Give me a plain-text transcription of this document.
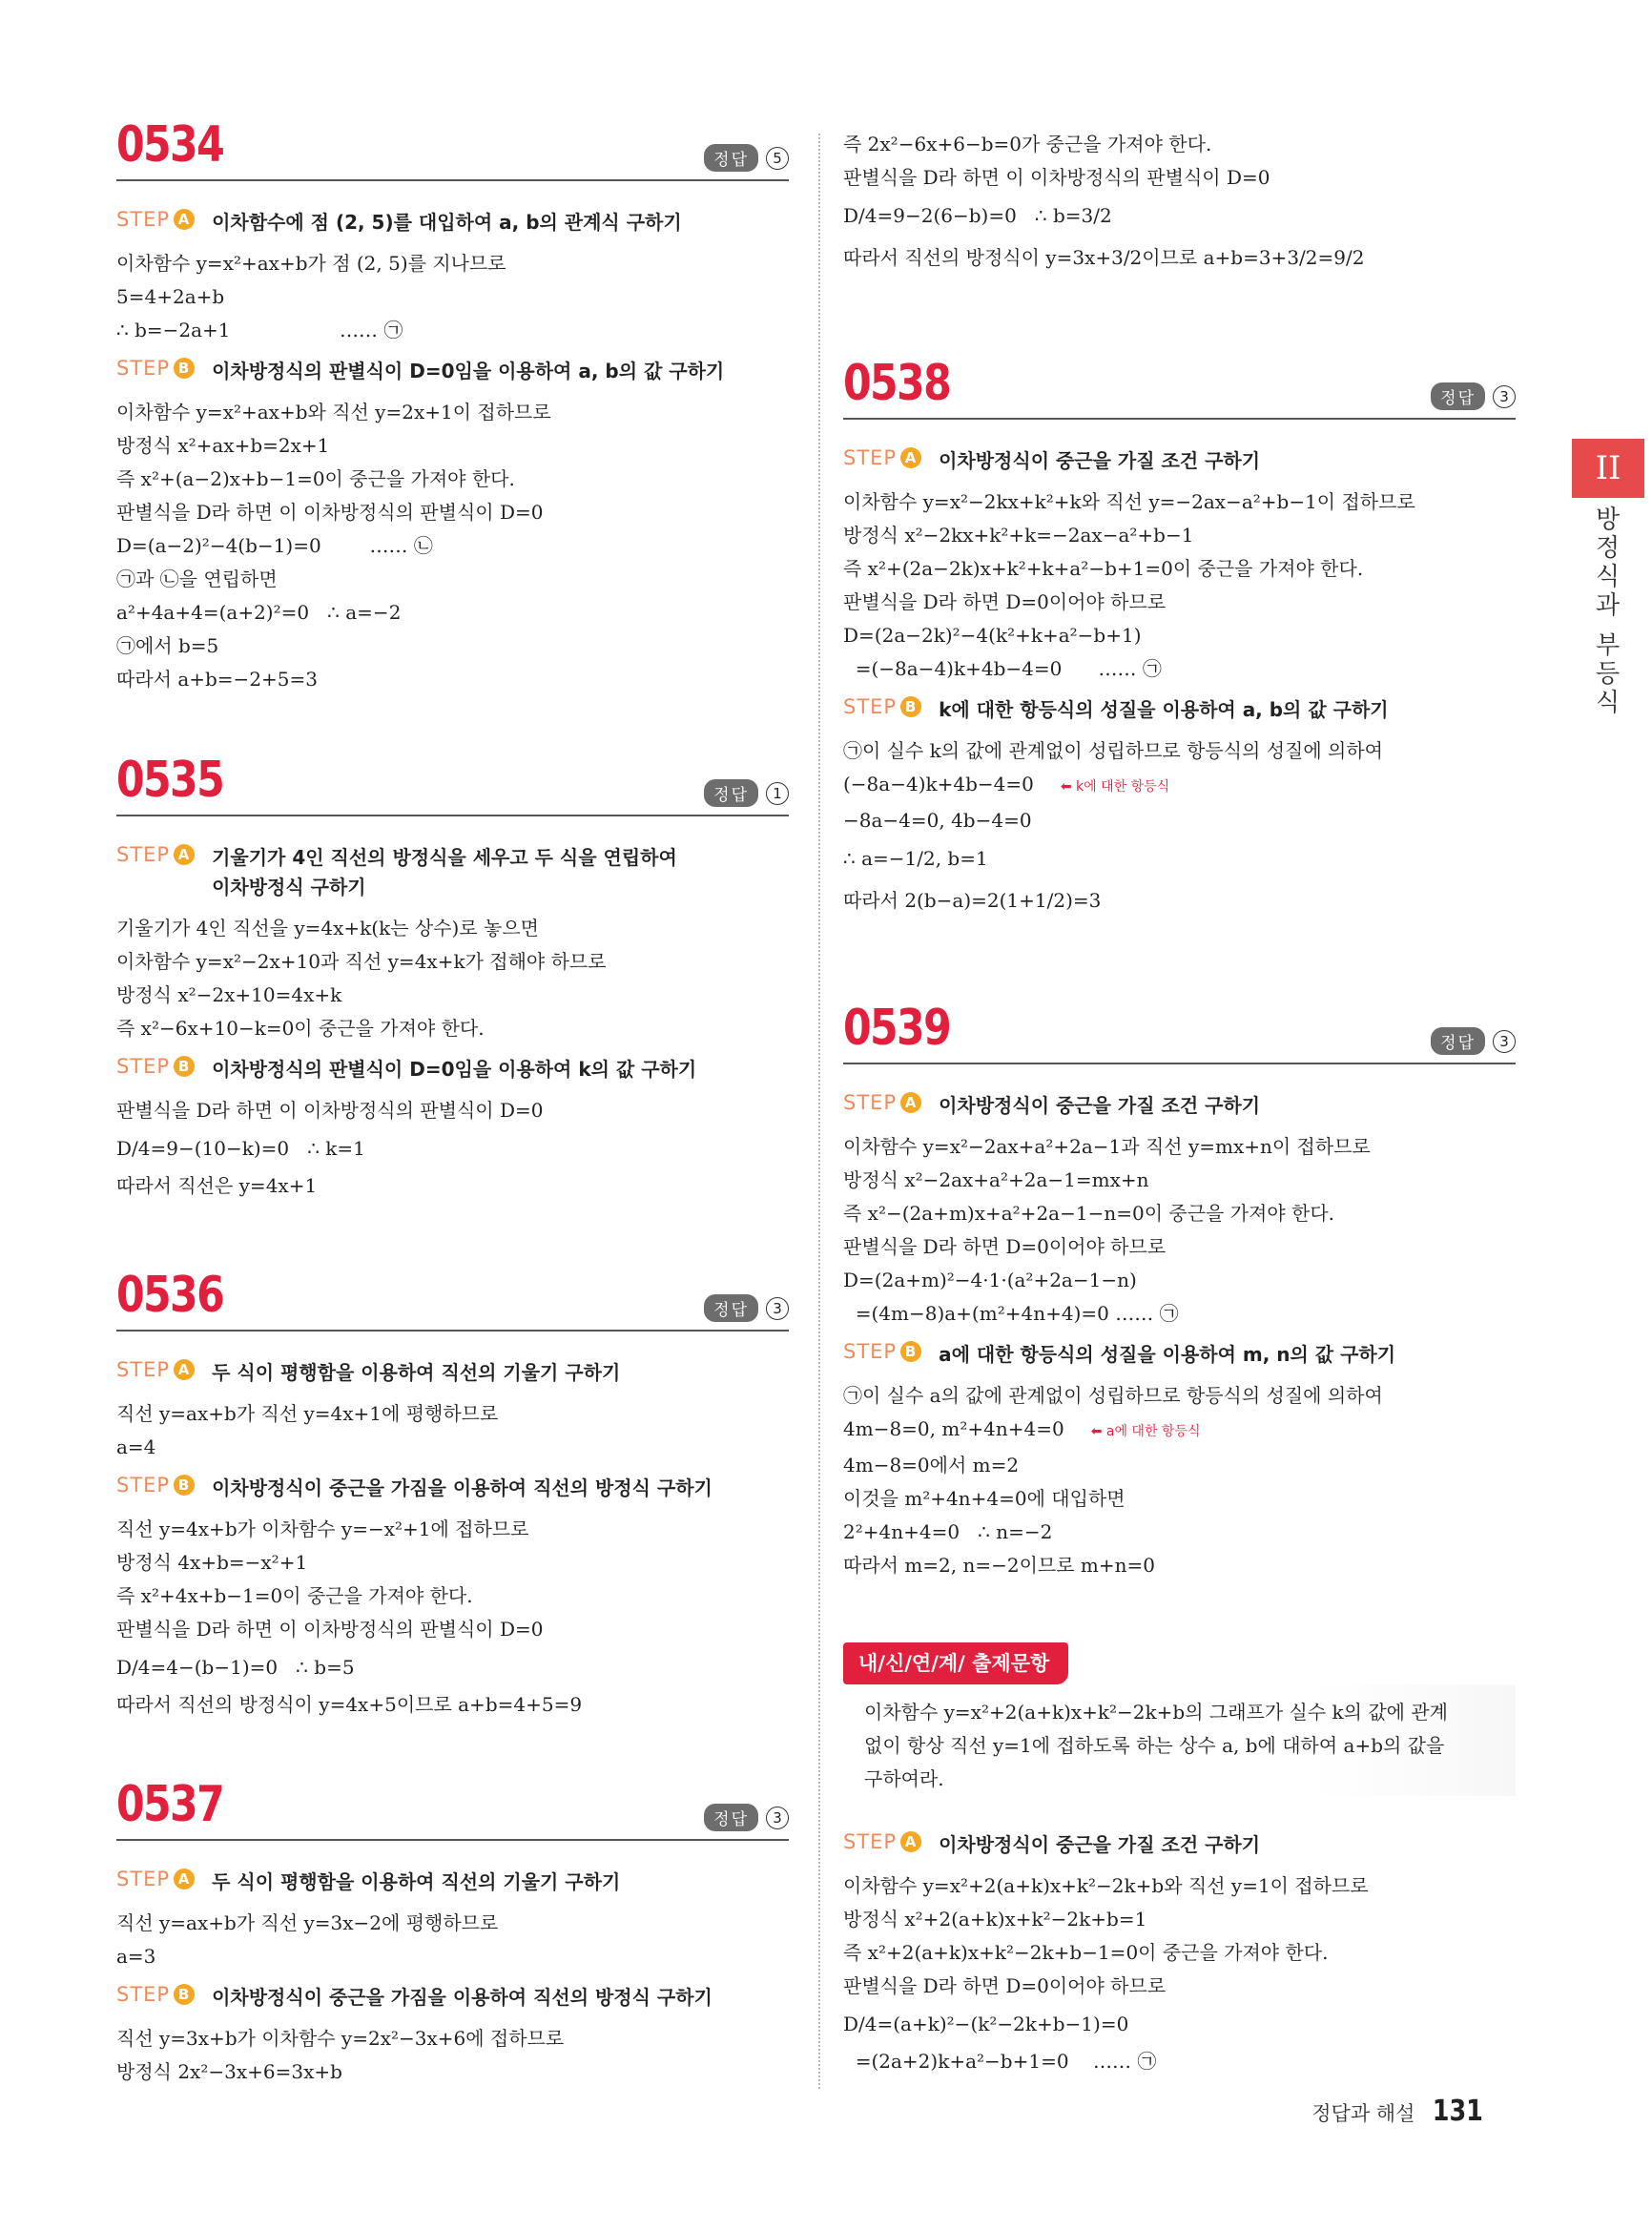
0534	정답	5
STEP A 이차함수에 점 (2, 5)를 대입하여 a, b의 관계식 구하기
이차함수 y=x²+ax+b가 점 (2, 5)를 지나므로
5=4+2a+b
∴ b=−2a+1                  …… ㉠
STEP B 이차방정식의 판별식이 D=0임을 이용하여 a, b의 값 구하기
이차함수 y=x²+ax+b와 직선 y=2x+1이 접하므로
방정식 x²+ax+b=2x+1
즉 x²+(a−2)x+b−1=0이 중근을 가져야 한다.
판별식을 D라 하면 이 이차방정식의 판별식이 D=0
D=(a−2)²−4(b−1)=0        …… ㉡
㉠과 ㉡을 연립하면
a²+4a+4=(a+2)²=0   ∴ a=−2
㉠에서 b=5
따라서 a+b=−2+5=3
0535	정답	1
STEP A 기울기가 4인 직선의 방정식을 세우고 두 식을 연립하여 이차방정식 구하기
기울기가 4인 직선을 y=4x+k(k는 상수)로 놓으면
이차함수 y=x²−2x+10과 직선 y=4x+k가 접해야 하므로
방정식 x²−2x+10=4x+k
즉 x²−6x+10−k=0이 중근을 가져야 한다.
STEP B 이차방정식의 판별식이 D=0임을 이용하여 k의 값 구하기
판별식을 D라 하면 이 이차방정식의 판별식이 D=0
D/4=9−(10−k)=0   ∴ k=1
따라서 직선은 y=4x+1
0536	정답	3
STEP A 두 식이 평행함을 이용하여 직선의 기울기 구하기
직선 y=ax+b가 직선 y=4x+1에 평행하므로
a=4
STEP B 이차방정식이 중근을 가짐을 이용하여 직선의 방정식 구하기
직선 y=4x+b가 이차함수 y=−x²+1에 접하므로
방정식 4x+b=−x²+1
즉 x²+4x+b−1=0이 중근을 가져야 한다.
판별식을 D라 하면 이 이차방정식의 판별식이 D=0
D/4=4−(b−1)=0   ∴ b=5
따라서 직선의 방정식이 y=4x+5이므로 a+b=4+5=9
0537	정답	3
STEP A 두 식이 평행함을 이용하여 직선의 기울기 구하기
직선 y=ax+b가 직선 y=3x−2에 평행하므로
a=3
STEP B 이차방정식이 중근을 가짐을 이용하여 직선의 방정식 구하기
직선 y=3x+b가 이차함수 y=2x²−3x+6에 접하므로
방정식 2x²−3x+6=3x+b
즉 2x²−6x+6−b=0가 중근을 가져야 한다.
판별식을 D라 하면 이 이차방정식의 판별식이 D=0
D/4=9−2(6−b)=0   ∴ b=3/2
따라서 직선의 방정식이 y=3x+3/2이므로 a+b=3+3/2=9/2
0538	정답	3
STEP A 이차방정식이 중근을 가질 조건 구하기
이차함수 y=x²−2kx+k²+k와 직선 y=−2ax−a²+b−1이 접하므로
방정식 x²−2kx+k²+k=−2ax−a²+b−1
즉 x²+(2a−2k)x+k²+k+a²−b+1=0이 중근을 가져야 한다.
판별식을 D라 하면 D=0이어야 하므로
D=(2a−2k)²−4(k²+k+a²−b+1)
=(−8a−4)k+4b−4=0      …… ㉠
STEP B k에 대한 항등식의 성질을 이용하여 a, b의 값 구하기
㉠이 실수 k의 값에 관계없이 성립하므로 항등식의 성질에 의하여
(−8a−4)k+4b−4=0 ⬅ k에 대한 항등식
−8a−4=0, 4b−4=0
∴ a=−1/2, b=1
따라서 2(b−a)=2(1+1/2)=3
0539	정답	3
STEP A 이차방정식이 중근을 가질 조건 구하기
이차함수 y=x²−2ax+a²+2a−1과 직선 y=mx+n이 접하므로
방정식 x²−2ax+a²+2a−1=mx+n
즉 x²−(2a+m)x+a²+2a−1−n=0이 중근을 가져야 한다.
판별식을 D라 하면 D=0이어야 하므로
D=(2a+m)²−4·1·(a²+2a−1−n)
=(4m−8)a+(m²+4n+4)=0 …… ㉠
STEP B a에 대한 항등식의 성질을 이용하여 m, n의 값 구하기
㉠이 실수 a의 값에 관계없이 성립하므로 항등식의 성질에 의하여
4m−8=0, m²+4n+4=0 ⬅ a에 대한 항등식
4m−8=0에서 m=2
이것을 m²+4n+4=0에 대입하면
2²+4n+4=0   ∴ n=−2
따라서 m=2, n=−2이므로 m+n=0
내/신/연/계/ 출제문항
이차함수 y=x²+2(a+k)x+k²−2k+b의 그래프가 실수 k의 값에 관계
없이 항상 직선 y=1에 접하도록 하는 상수 a, b에 대하여 a+b의 값을
구하여라.
STEP A 이차방정식이 중근을 가질 조건 구하기
이차함수 y=x²+2(a+k)x+k²−2k+b와 직선 y=1이 접하므로
방정식 x²+2(a+k)x+k²−2k+b=1
즉 x²+2(a+k)x+k²−2k+b−1=0이 중근을 가져야 한다.
판별식을 D라 하면 D=0이어야 하므로
D/4=(a+k)²−(k²−2k+b−1)=0
=(2a+2)k+a²−b+1=0    …… ㉠
II
방정식과 부등식
정답과 해설 131
